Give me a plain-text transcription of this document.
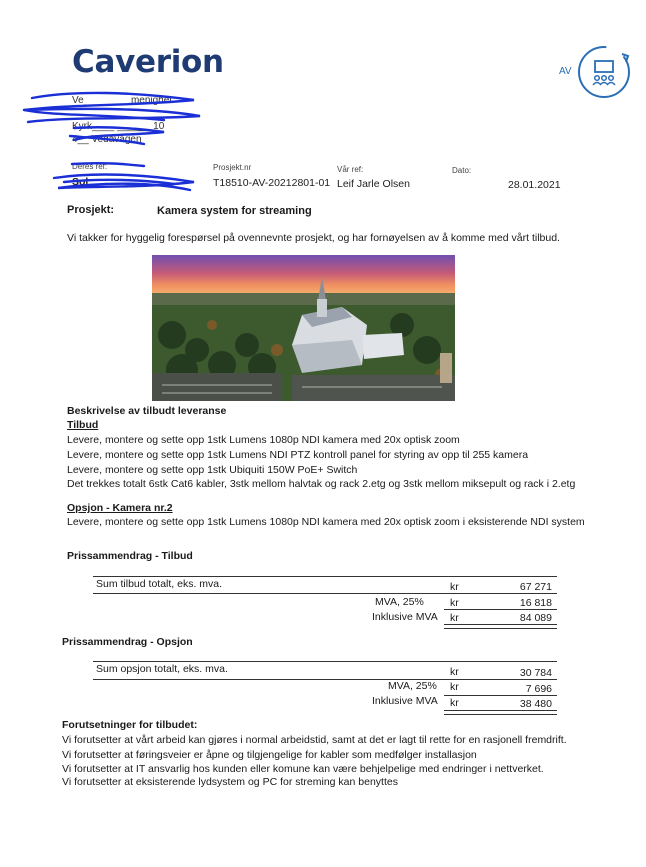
Caverion	AV
Ve________ menighet
Kyrk____ ______ 10
4__ Vedavågen
Deres ref:
Sol__ ___
Prosjekt.nr
T18510-AV-20212801-01
Vår ref:
Leif Jarle Olsen
Dato:
28.01.2021
Prosjekt:	Kamera system for streaming
Vi takker for hyggelig forespørsel på ovennevnte prosjekt, og har fornøyelsen av å komme med vårt tilbud.
Beskrivelse av tilbudt leveranse
Tilbud
Levere, montere og sette opp 1stk Lumens 1080p NDI kamera med 20x optisk zoom
Levere, montere og sette opp 1stk Lumens NDI PTZ kontroll panel for styring av opp til 255 kamera
Levere, montere og sette opp 1stk Ubiquiti 150W PoE+ Switch
Det trekkes totalt 6stk Cat6 kabler, 3stk mellom halvtak og rack 2.etg og 3stk mellom miksepult og rack i 2.etg
Opsjon - Kamera nr.2
Levere, montere og sette opp 1stk Lumens 1080p NDI kamera med 20x optisk zoom i eksisterende NDI system
Prissammendrag - Tilbud
Sum tilbud totalt, eks. mva.	kr	67 271
MVA, 25% kr	16 818
Inklusive MVA kr	84 089
Prissammendrag - Opsjon
Sum opsjon totalt, eks. mva.	kr	30 784
MVA, 25% kr	7 696
Inklusive MVA kr	38 480
Forutsetninger for tilbudet:
Vi forutsetter at vårt arbeid kan gjøres i normal arbeidstid, samt at det er lagt til rette for en rasjonell fremdrift.
Vi forutsetter at føringsveier er åpne og tilgjengelige for kabler som medfølger installasjon
Vi forutsetter at IT ansvarlig hos kunden eller komune kan være behjelpelige med endringer i nettverket.
Vi forutsetter at eksisterende lydsystem og PC for streming kan benyttes
